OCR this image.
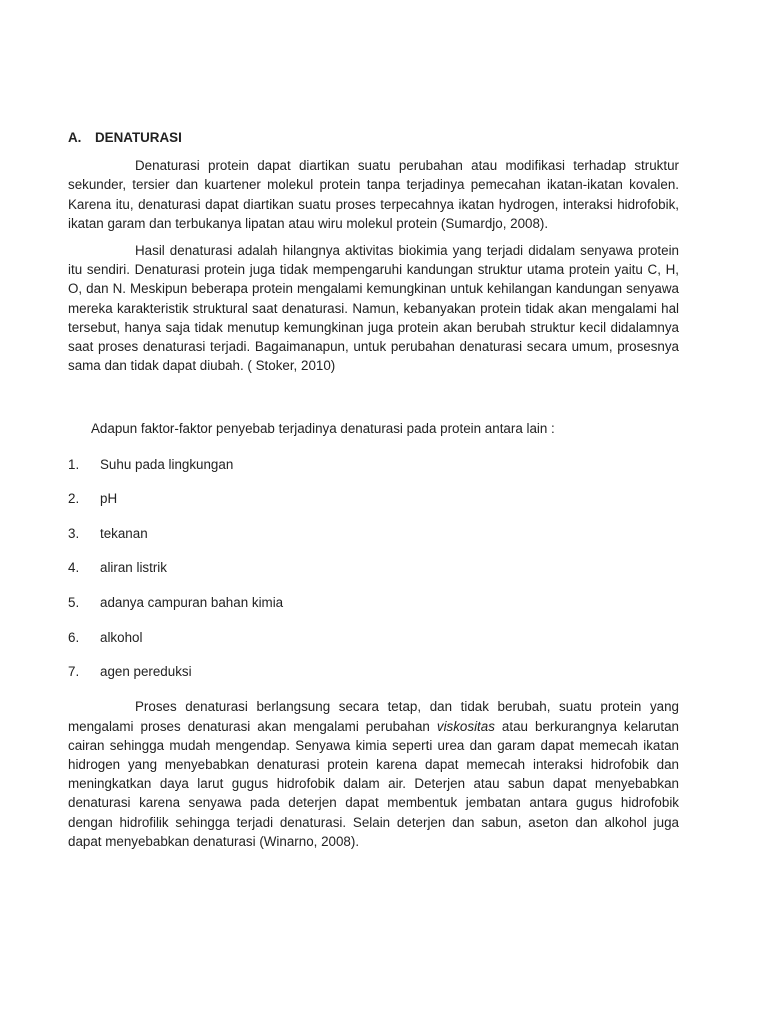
A.	DENATURASI

Denaturasi protein dapat diartikan suatu perubahan atau modifikasi terhadap struktur sekunder, tersier dan kuartener molekul protein tanpa terjadinya pemecahan ikatan-ikatan kovalen. Karena itu, denaturasi dapat diartikan suatu proses terpecahnya ikatan hydrogen, interaksi hidrofobik, ikatan garam dan terbukanya lipatan atau wiru molekul protein (Sumardjo, 2008).

Hasil denaturasi adalah hilangnya aktivitas biokimia yang terjadi didalam senyawa protein itu sendiri. Denaturasi protein juga tidak mempengaruhi kandungan struktur utama protein yaitu C, H, O, dan N. Meskipun beberapa protein mengalami kemungkinan untuk kehilangan kandungan senyawa mereka karakteristik struktural saat denaturasi. Namun, kebanyakan protein tidak akan mengalami hal tersebut, hanya saja tidak menutup kemungkinan juga protein akan berubah struktur kecil didalamnya saat proses denaturasi terjadi. Bagaimanapun, untuk perubahan denaturasi secara umum, prosesnya sama dan tidak dapat diubah. ( Stoker, 2010)

Adapun faktor-faktor penyebab terjadinya denaturasi pada protein antara lain :

1.	Suhu pada lingkungan
2.	pH
3.	tekanan
4.	aliran listrik
5.	adanya campuran bahan kimia
6.	alkohol
7.	agen pereduksi

Proses denaturasi berlangsung secara tetap, dan tidak berubah, suatu protein yang mengalami proses denaturasi akan mengalami perubahan viskositas atau berkurangnya kelarutan cairan sehingga mudah mengendap. Senyawa kimia seperti urea dan garam dapat memecah ikatan hidrogen yang menyebabkan denaturasi protein karena dapat memecah interaksi hidrofobik dan meningkatkan daya larut gugus hidrofobik dalam air. Deterjen atau sabun dapat menyebabkan denaturasi karena senyawa pada deterjen dapat membentuk jembatan antara gugus hidrofobik dengan hidrofilik sehingga terjadi denaturasi. Selain deterjen dan sabun, aseton dan alkohol juga dapat menyebabkan denaturasi (Winarno, 2008).
